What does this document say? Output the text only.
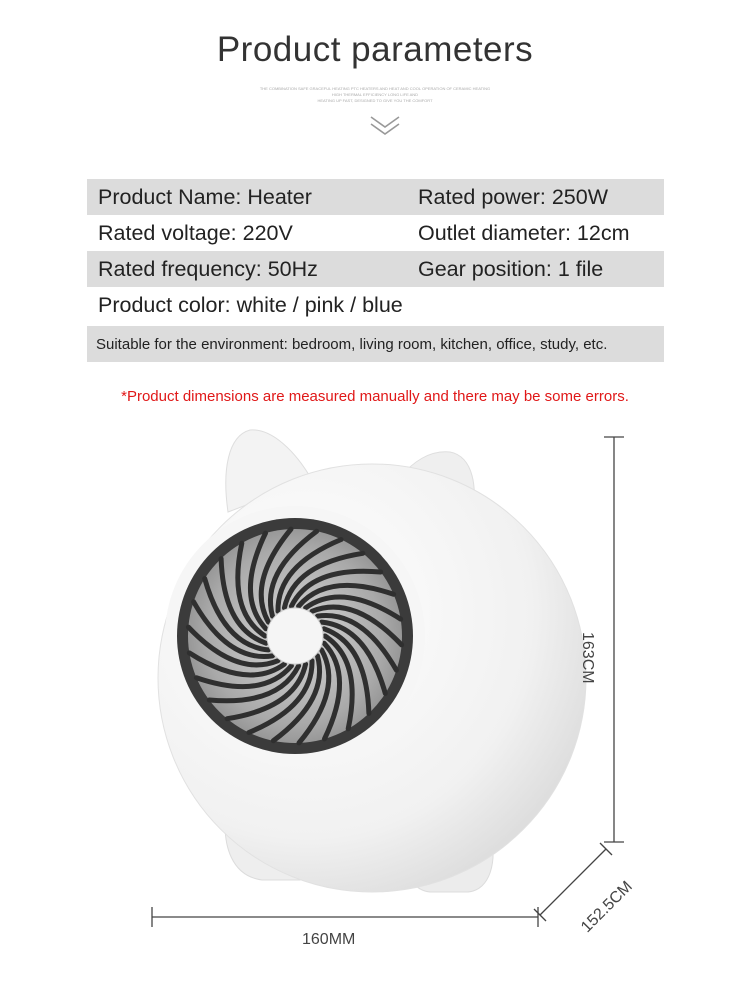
Product parameters
THE COMBINATION SAFE GRACEFUL HEATING PTC HEATERS AND HEAT AND COOL OPERATION OF CERAMIC HEATING
HIGH THERMAL EFFICIENCY LONG LIFE AND
HEATING UP FAST, DESIGNED TO GIVE YOU THE COMFORT
Product Name: Heater	Rated power: 250W
Rated voltage: 220V	Outlet diameter: 12cm
Rated frequency: 50Hz	Gear position: 1 file
Product color: white / pink / blue
Suitable for the environment: bedroom, living room, kitchen, office, study, etc.
*Product dimensions are measured manually and there may be some errors.
163CM
152.5CM
160MM
